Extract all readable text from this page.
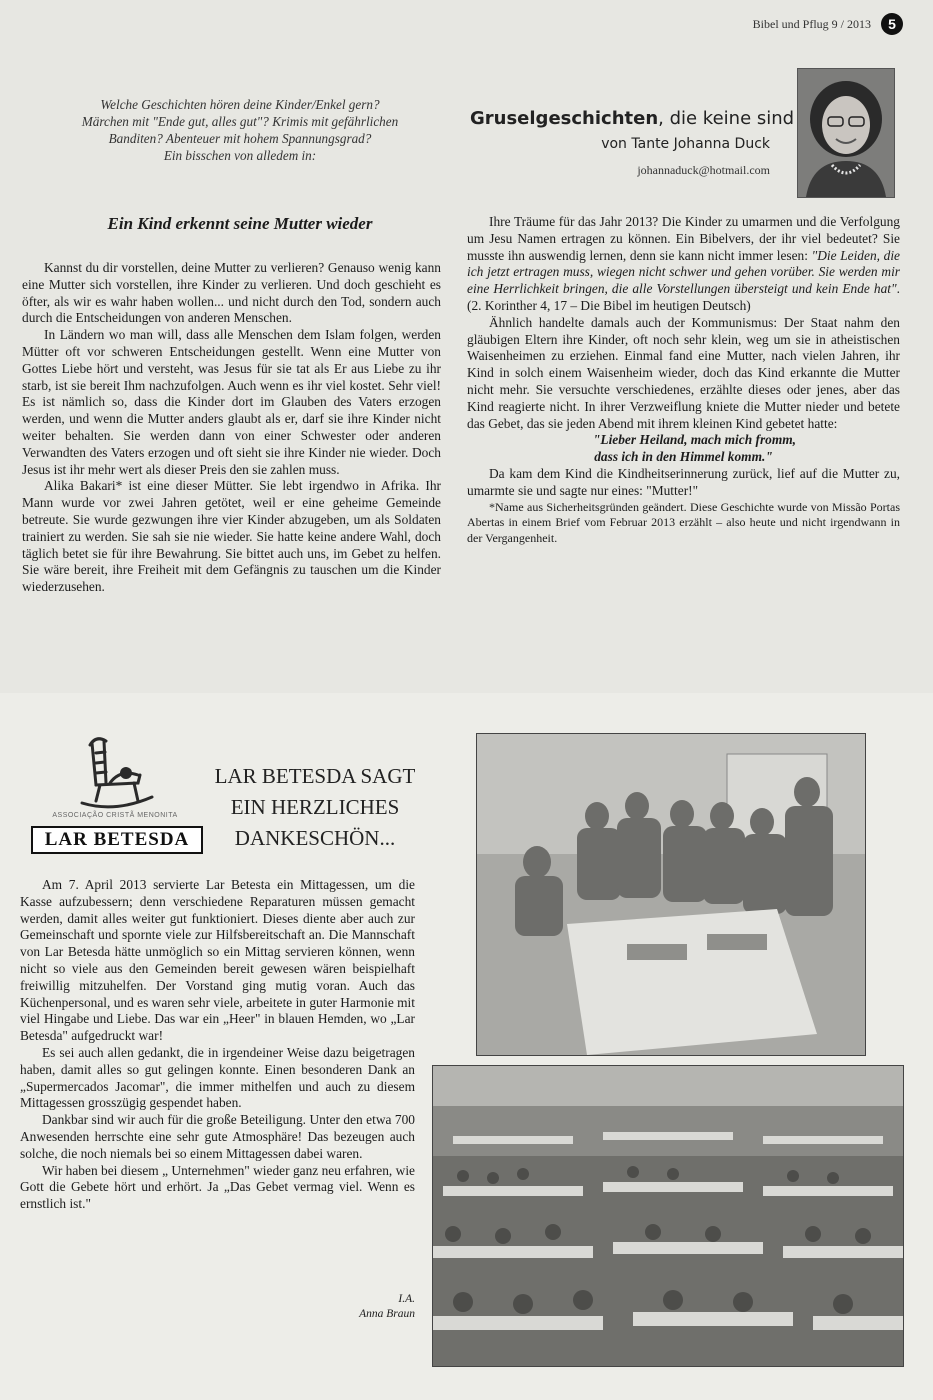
Bibel und Pflug 9 / 2013	5
Welche Geschichten hören deine Kinder/Enkel gern?
Märchen mit "Ende gut, alles gut"? Krimis mit gefährlichen
Banditen? Abenteuer mit hohem Spannungsgrad?
Ein bisschen von alledem in:
Gruselgeschichten, die keine sind
von Tante Johanna Duck
johannaduck@hotmail.com
Ein Kind erkennt seine Mutter wieder

Kannst du dir vorstellen, deine Mutter zu verlieren? Genauso wenig kann eine Mutter sich vorstellen, ihre Kinder zu verlieren. Und doch geschieht es öfter, als wir es wahr haben wollen... und nicht durch den Tod, sondern auch durch die Entscheidungen von anderen Menschen.

In Ländern wo man will, dass alle Menschen dem Islam folgen, werden Mütter oft vor schweren Entscheidungen gestellt. Wenn eine Mutter von Gottes Liebe hört und versteht, was Jesus für sie tat als Er aus Liebe zu ihr starb, ist sie bereit Ihm nachzufolgen. Auch wenn es ihr viel kostet. Sehr viel! Es ist nämlich so, dass die Kinder dort im Glauben des Vaters erzogen werden, und wenn die Mutter anders glaubt als er, darf sie ihre Kinder nicht weiter behalten. Sie werden dann von einer Schwester oder anderen Verwandten des Vaters erzogen und oft sieht sie ihre Kinder nie wieder. Doch Jesus ist ihr mehr wert als dieser Preis den sie zahlen muss.

Alika Bakari* ist eine dieser Mütter. Sie lebt irgendwo in Afrika. Ihr Mann wurde vor zwei Jahren getötet, weil er eine geheime Gemeinde betreute. Sie wurde gezwungen ihre vier Kinder abzugeben, um als Soldaten trainiert zu werden. Sie sah sie nie wieder. Sie hatte keine andere Wahl, doch täglich betet sie für ihre Bewahrung. Sie bittet auch uns, im Gebet zu helfen. Sie wäre bereit, ihre Freiheit mit dem Gefängnis zu tauschen um die Kinder wiederzusehen.

Ihre Träume für das Jahr 2013? Die Kinder zu umarmen und die Verfolgung um Jesu Namen ertragen zu können. Ein Bibelvers, der ihr viel bedeutet? Sie musste ihn auswendig lernen, denn sie kann nicht immer lesen: "Die Leiden, die ich jetzt ertragen muss, wiegen nicht schwer und gehen vorüber. Sie werden mir eine Herrlichkeit bringen, die alle Vorstellungen übersteigt und kein Ende hat". (2. Korinther 4, 17 – Die Bibel im heutigen Deutsch)

Ähnlich handelte damals auch der Kommunismus: Der Staat nahm den gläubigen Eltern ihre Kinder, oft noch sehr klein, weg um sie in atheistischen Waisenheimen zu erziehen. Einmal fand eine Mutter, nach vielen Jahren, ihr Kind in solch einem Waisenheim wieder, doch das Kind erkannte die Mutter nicht mehr. Sie versuchte verschiedenes, erzählte dieses oder jenes, aber das Kind reagierte nicht. In ihrer Verzweiflung kniete die Mutter nieder und betete das Gebet, das sie jeden Abend mit ihrem kleinen Kind gebetet hatte:

"Lieber Heiland, mach mich fromm,
dass ich in den Himmel komm."

Da kam dem Kind die Kindheitserinnerung zurück, lief auf die Mutter zu, umarmte sie und sagte nur eines: "Mutter!"

*Name aus Sicherheitsgründen geändert. Diese Geschichte wurde von Missão Portas Abertas in einem Brief vom Februar 2013 erzählt – also heute und nicht irgendwann in der Vergangenheit.

ASSOCIAÇÃO CRISTÃ MENONITA
LAR BETESDA
LAR BETESDA SAGT
EIN HERZLICHES
DANKESCHÖN...

Am 7. April 2013 servierte Lar Betesta ein Mittagessen, um die Kasse aufzubessern; denn verschiedene Reparaturen müssen gemacht werden, damit alles weiter gut funktioniert. Dieses diente aber auch zur Gemeinschaft und spornte viele zur Hilfsbereitschaft an. Die Mannschaft von Lar Betesda hätte unmöglich so ein Mittag servieren können, wenn nicht so viele aus den Gemeinden bereit gewesen wären beispielhaft freiwillig mitzuhelfen. Der Vorstand ging mutig voran. Auch das Küchenpersonal, und es waren sehr viele, arbeitete in guter Harmonie mit viel Hingabe und Liebe. Das war ein „Heer" in blauen Hemden, wo „Lar Betesda" aufgedruckt war!

Es sei auch allen gedankt, die in irgendeiner Weise dazu beigetragen haben, damit alles so gut gelingen konnte. Einen besonderen Dank an „Supermercados Jacomar", die immer mithelfen und auch zu diesem Mittagessen grosszügig gespendet haben.

Dankbar sind wir auch für die große Beteiligung. Unter den etwa 700 Anwesenden herrschte eine sehr gute Atmosphäre! Das bezeugen auch solche, die noch niemals bei so einem Mittagessen dabei waren.

Wir haben bei diesem „ Unternehmen" wieder ganz neu erfahren, wie Gott die Gebete hört und erhört. Ja „Das Gebet vermag viel. Wenn es ernstlich ist."

I.A.
Anna Braun
